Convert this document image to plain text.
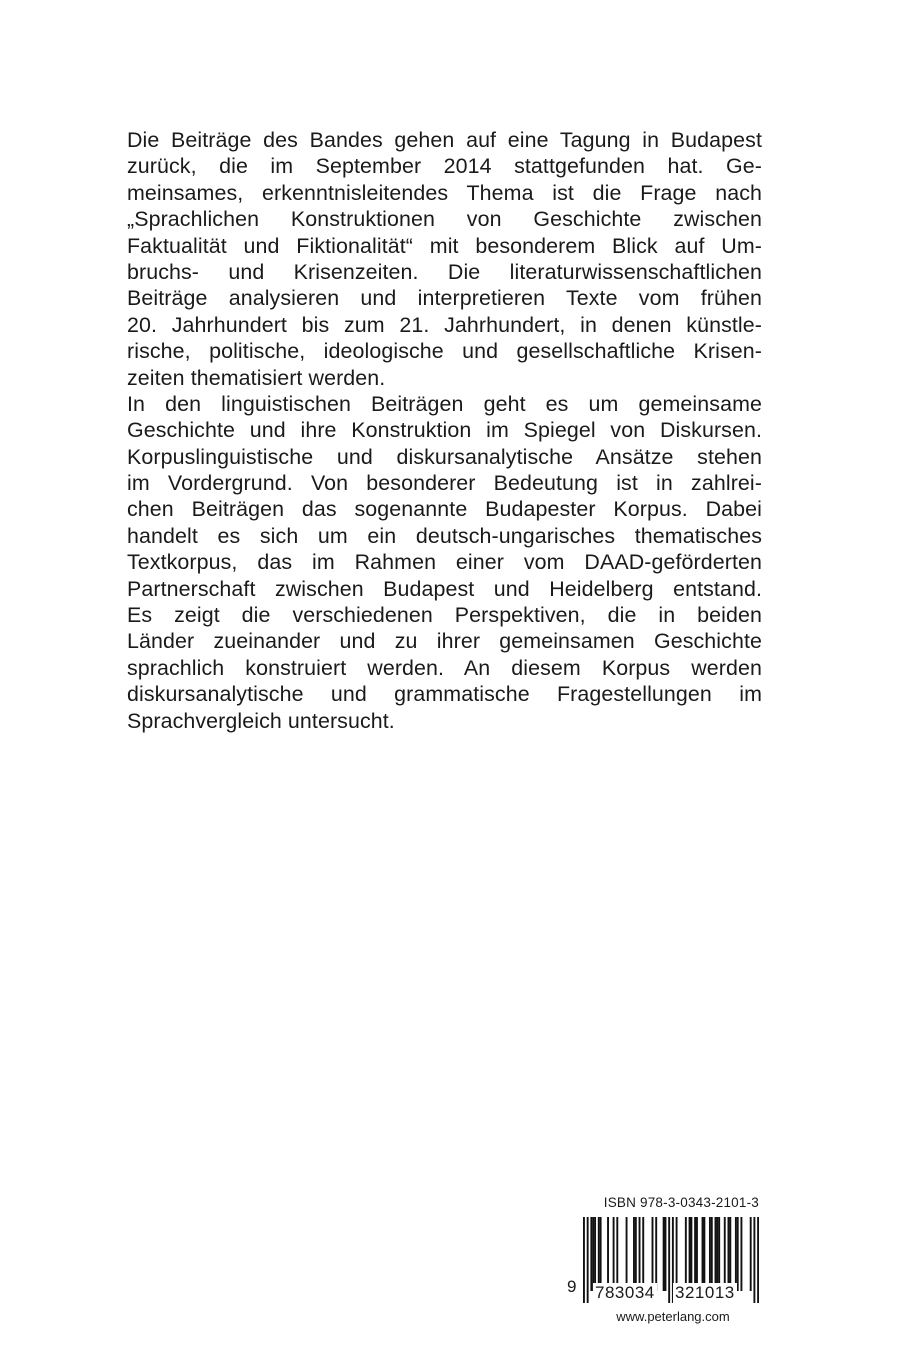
Die Beiträge des Bandes gehen auf eine Tagung in Budapest
zurück, die im September 2014 stattgefunden hat. Ge-
meinsames, erkenntnisleitendes Thema ist die Frage nach
„Sprachlichen Konstruktionen von Geschichte zwischen
Faktualität und Fiktionalität“ mit besonderem Blick auf Um-
bruchs- und Krisenzeiten. Die literaturwissenschaftlichen
Beiträge analysieren und interpretieren Texte vom frühen
20. Jahrhundert bis zum 21. Jahrhundert, in denen künstle-
rische, politische, ideologische und gesellschaftliche Krisen-
zeiten thematisiert werden.
In den linguistischen Beiträgen geht es um gemeinsame
Geschichte und ihre Konstruktion im Spiegel von Diskursen.
Korpuslinguistische und diskursanalytische Ansätze stehen
im Vordergrund. Von besonderer Bedeutung ist in zahlrei-
chen Beiträgen das sogenannte Budapester Korpus. Dabei
handelt es sich um ein deutsch-ungarisches thematisches
Textkorpus, das im Rahmen einer vom DAAD-geförderten
Partnerschaft zwischen Budapest und Heidelberg entstand.
Es zeigt die verschiedenen Perspektiven, die in beiden
Länder zueinander und zu ihrer gemeinsamen Geschichte
sprachlich konstruiert werden. An diesem Korpus werden
diskursanalytische und grammatische Fragestellungen im
Sprachvergleich untersucht.
ISBN 978-3-0343-2101-3
9 783034 321013
www.peterlang.com
